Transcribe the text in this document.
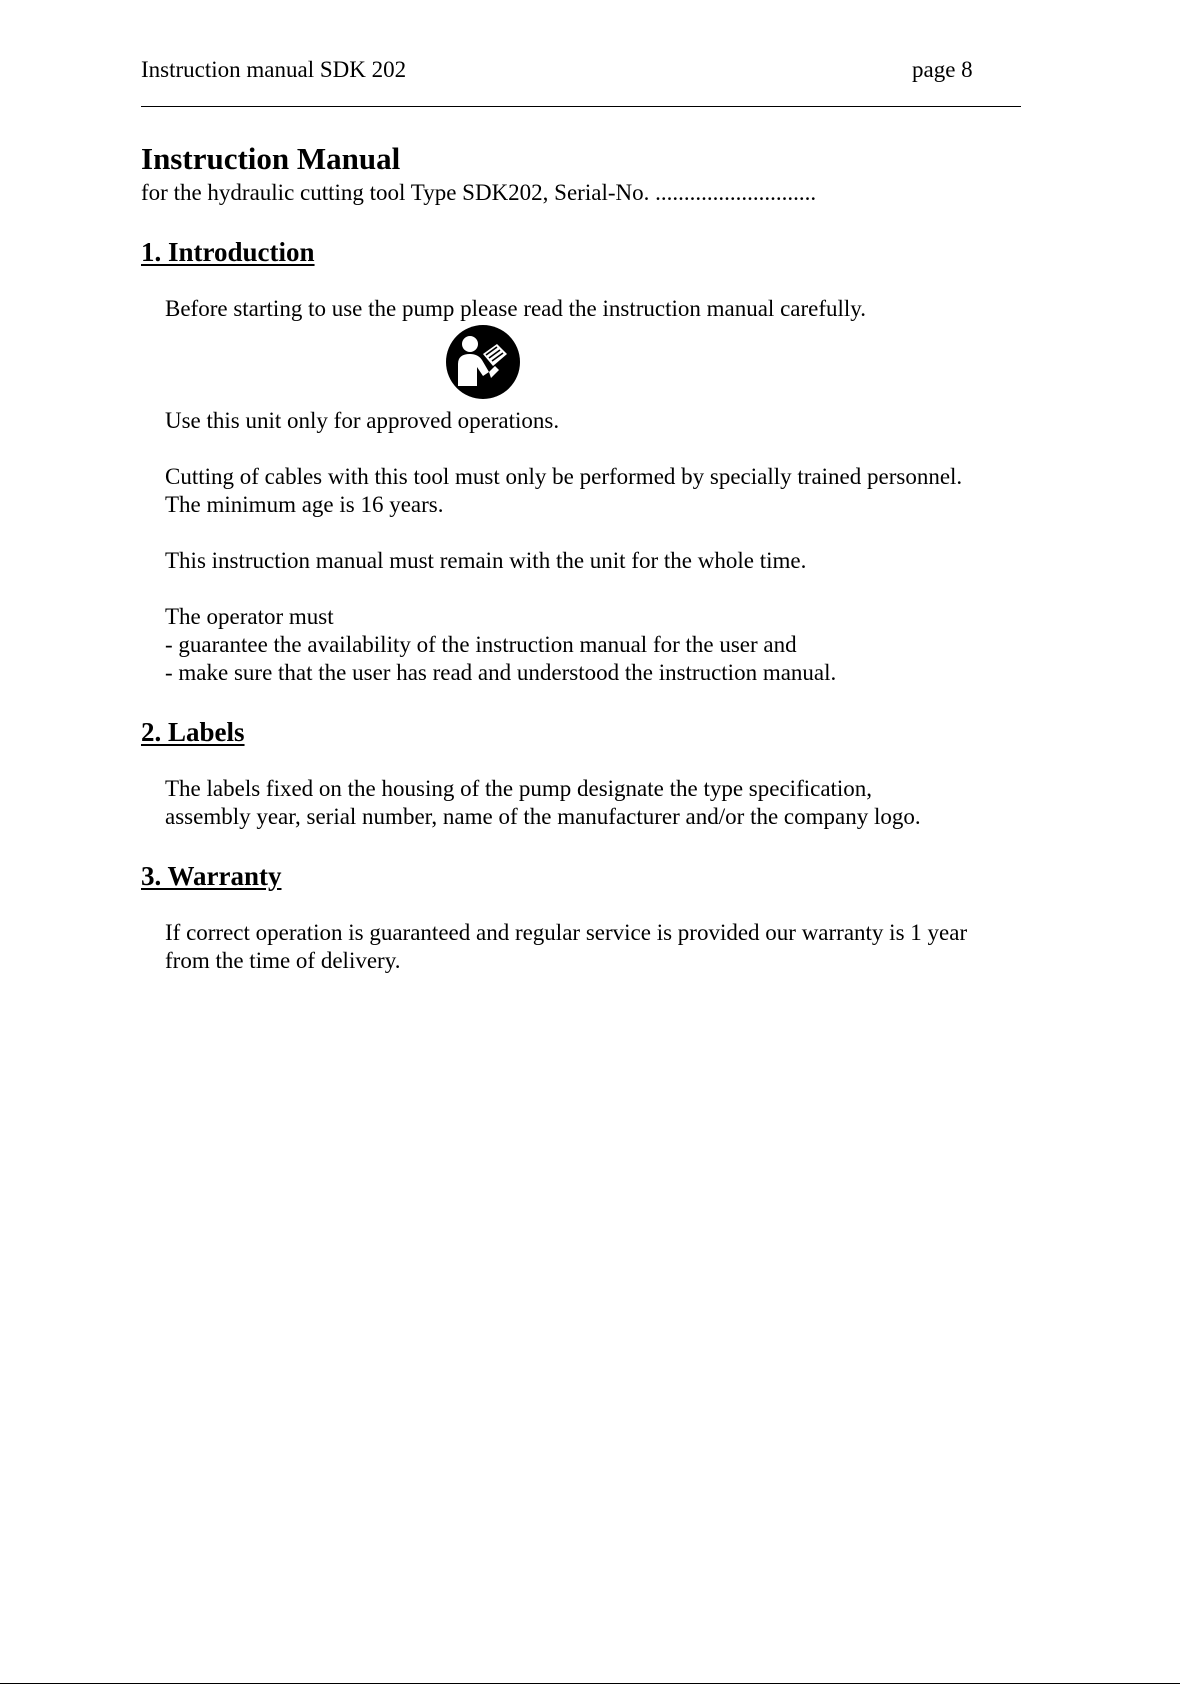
Instruction manual SDK 202	page 8
Instruction Manual
for the hydraulic cutting tool Type SDK202, Serial-No. ............................
1. Introduction
Before starting to use the pump please read the instruction manual carefully.
Use this unit only for approved operations.
Cutting of cables with this tool must only be performed by specially trained personnel.
The minimum age is 16 years.
This instruction manual must remain with the unit for the whole time.
The operator must
- guarantee the availability of the instruction manual for the user and
- make sure that the user has read and understood the instruction manual.
2. Labels
The labels fixed on the housing of the pump designate the type specification,
assembly year, serial number, name of the manufacturer and/or the company logo.
3. Warranty
If correct operation is guaranteed and regular service is provided our warranty is 1 year
from the time of delivery.
